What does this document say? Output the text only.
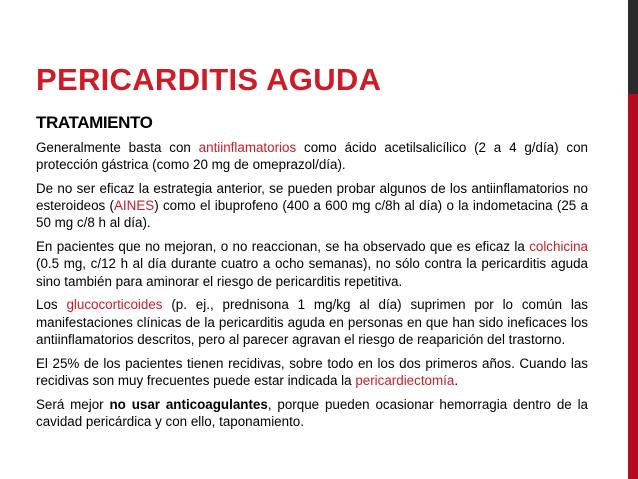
PERICARDITIS AGUDA
TRATAMIENTO

Generalmente basta con antiinflamatorios como ácido acetilsalicílico (2 a 4 g/día) con protección gástrica (como 20 mg de omeprazol/día).

De no ser eficaz la estrategia anterior, se pueden probar algunos de los antiinflamatorios no esteroideos (AINES) como el ibuprofeno (400 a 600 mg c/8h al día) o la indometacina (25 a 50 mg c/8 h al día).

En pacientes que no mejoran, o no reaccionan, se ha observado que es eficaz la colchicina (0.5 mg, c/12 h al día durante cuatro a ocho semanas), no sólo contra la pericarditis aguda sino también para aminorar el riesgo de pericarditis repetitiva.

Los glucocorticoides (p. ej., prednisona 1 mg/kg al día) suprimen por lo común las manifestaciones clínicas de la pericarditis aguda en personas en que han sido ineficaces los antiinflamatorios descritos, pero al parecer agravan el riesgo de reaparición del trastorno.

El 25% de los pacientes tienen recidivas, sobre todo en los dos primeros años. Cuando las recidivas son muy frecuentes puede estar indicada la pericardiectomía.

Será mejor no usar anticoagulantes, porque pueden ocasionar hemorragia dentro de la cavidad pericárdica y con ello, taponamiento.
